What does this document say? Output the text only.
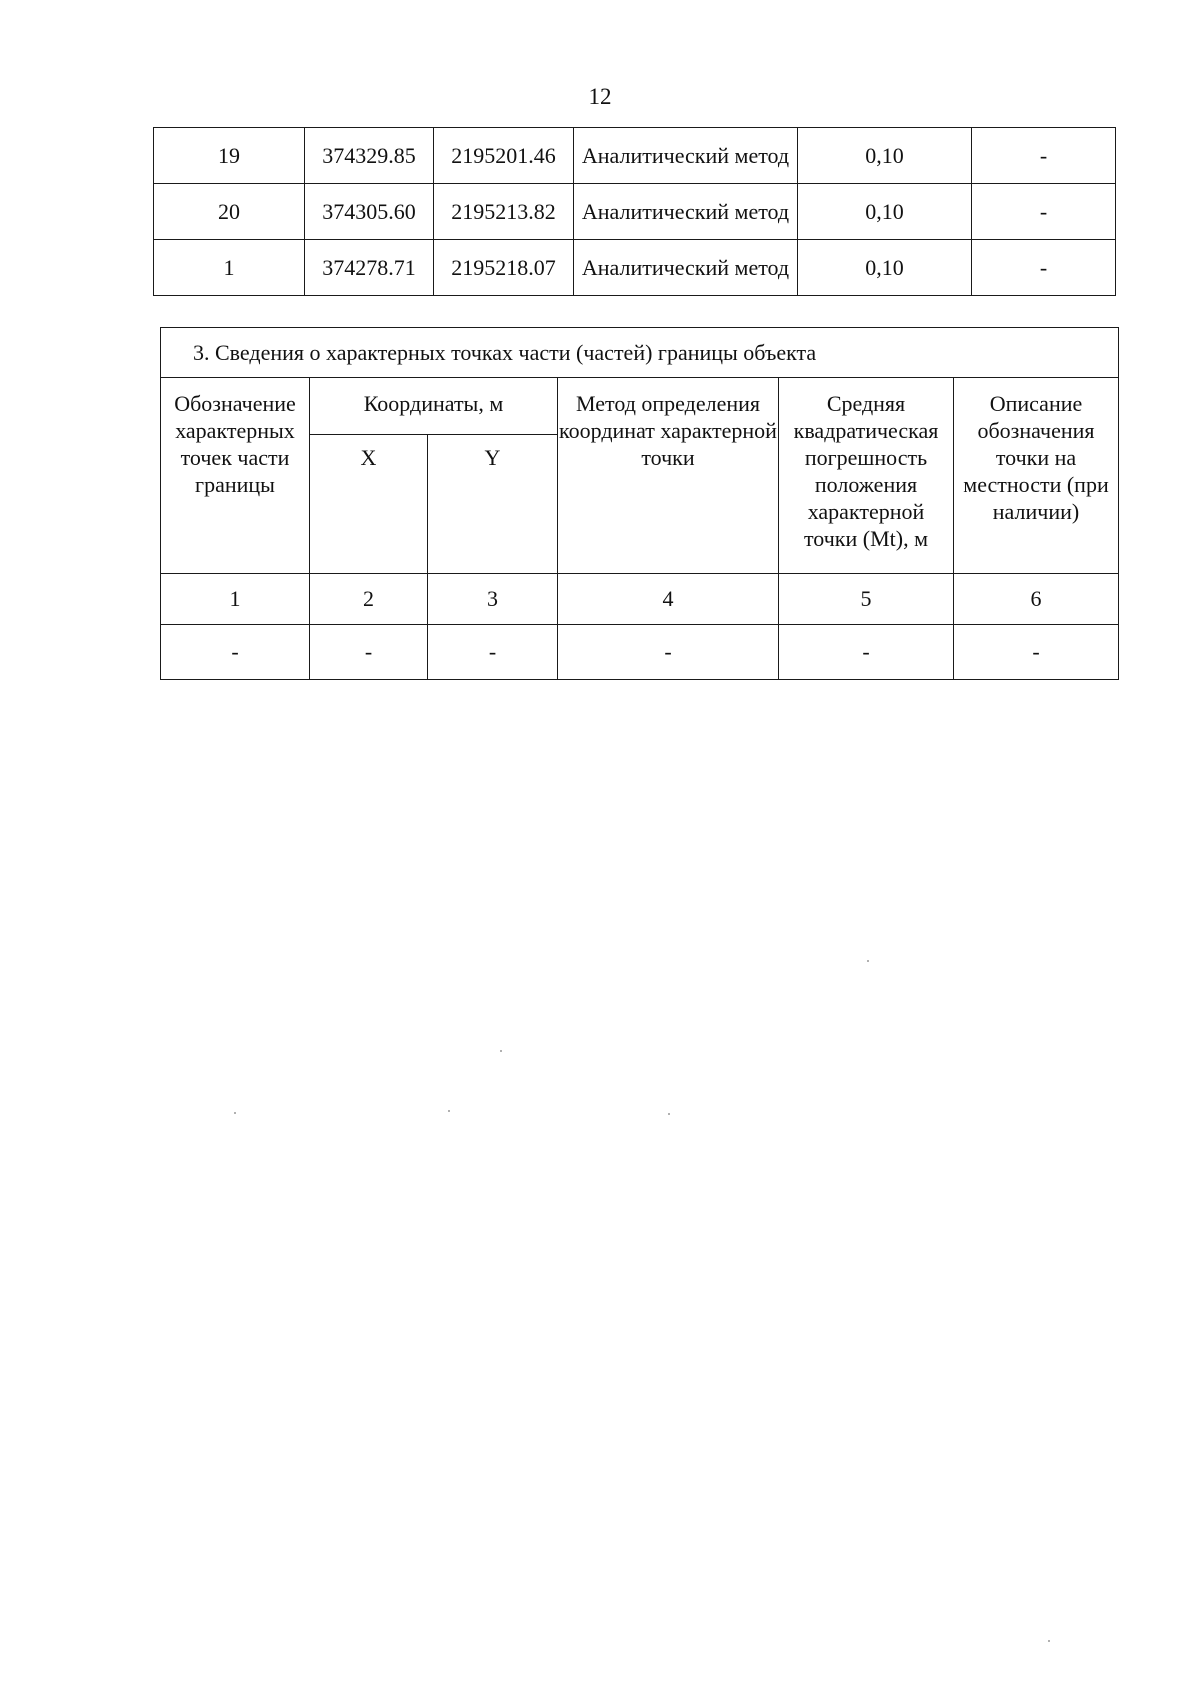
12
19	374329.85	2195201.46	Аналитический метод	0,10	-
20	374305.60	2195213.82	Аналитический метод	0,10	-
1	374278.71	2195218.07	Аналитический метод	0,10	-
3. Сведения о характерных точках части (частей) границы объекта					
Обозначение характерных точек части границы	Координаты, м		Метод определения координат характерной точки	Средняя квадратическая погрешность положения характерной точки (Mt), м	Описание обозначения точки на местности (при наличии)
	X	Y			
1	2	3	4	5	6
-	-	-	-	-	-
